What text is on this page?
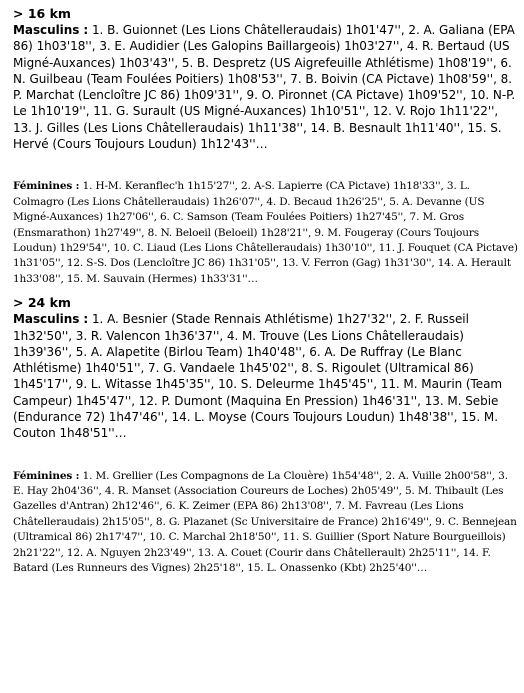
> 16 km

Masculins : 1. B. Guionnet (Les Lions Châtelleraudais) 1h01'47'', 2. A. Galiana (EPA 86) 1h03'18'', 3. E. Audidier (Les Galopins Baillargeois) 1h03'27'', 4. R. Bertaud (US Migné-Auxances) 1h03'43'', 5. B. Despretz (US Aigrefeuille Athlétisme) 1h08'19'', 6. N. Guilbeau (Team Foulées Poitiers) 1h08'53'', 7. B. Boivin (CA Pictave) 1h08'59'', 8. P. Marchat (Lencloître JC 86) 1h09'31'', 9. O. Pironnet (CA Pictave) 1h09'52'', 10. N-P. Le 1h10'19'', 11. G. Surault (US Migné-Auxances) 1h10'51'', 12. V. Rojo 1h11'22'', 13. J. Gilles (Les Lions Châtelleraudais) 1h11'38'', 14. B. Besnault 1h11'40'', 15. S. Hervé (Cours Toujours Loudun) 1h12'43''…

Féminines : 1. H-M. Keranflec'h 1h15'27'', 2. A-S. Lapierre (CA Pictave) 1h18'33'', 3. L. Colmagro (Les Lions Châtelleraudais) 1h26'07'', 4. D. Becaud 1h26'25'', 5. A. Devanne (US Migné-Auxances) 1h27'06'', 6. C. Samson (Team Foulées Poitiers) 1h27'45'', 7. M. Gros (Ensmarathon) 1h27'49'', 8. N. Beloeil (Beloeil) 1h28'21'', 9. M. Fougeray (Cours Toujours Loudun) 1h29'54'', 10. C. Liaud (Les Lions Châtelleraudais) 1h30'10'', 11. J. Fouquet (CA Pictave) 1h31'05'', 12. S-S. Dos (Lencloître JC 86) 1h31'05'', 13. V. Ferron (Gag) 1h31'30'', 14. A. Herault 1h33'08'', 15. M. Sauvain (Hermes) 1h33'31''…

> 24 km

Masculins : 1. A. Besnier (Stade Rennais Athlétisme) 1h27'32'', 2. F. Russeil 1h32'50'', 3. R. Valencon 1h36'37'', 4. M. Trouve (Les Lions Châtelleraudais) 1h39'36'', 5. A. Alapetite (Birlou Team) 1h40'48'', 6. A. De Ruffray (Le Blanc Athlétisme) 1h40'51'', 7. G. Vandaele 1h45'02'', 8. S. Rigoulet (Ultramical 86) 1h45'17'', 9. L. Witasse 1h45'35'', 10. S. Deleurme 1h45'45'', 11. M. Maurin (Team Campeur) 1h45'47'', 12. P. Dumont (Maquina En Pression) 1h46'31'', 13. M. Sebie (Endurance 72) 1h47'46'', 14. L. Moyse (Cours Toujours Loudun) 1h48'38'', 15. M. Couton 1h48'51''…

Féminines : 1. M. Grellier (Les Compagnons de La Clouère) 1h54'48'', 2. A. Vuille 2h00'58'', 3. E. Hay 2h04'36'', 4. R. Manset (Association Coureurs de Loches) 2h05'49'', 5. M. Thibault (Les Gazelles d'Antran) 2h12'46'', 6. K. Zeimer (EPA 86) 2h13'08'', 7. M. Favreau (Les Lions Châtelleraudais) 2h15'05'', 8. G. Plazanet (Sc Universitaire de France) 2h16'49'', 9. C. Bennejean (Ultramical 86) 2h17'47'', 10. C. Marchal 2h18'50'', 11. S. Guillier (Sport Nature Bourgueillois) 2h21'22'', 12. A. Nguyen 2h23'49'', 13. A. Couet (Courir dans Châtellerault) 2h25'11'', 14. F. Batard (Les Runneurs des Vignes) 2h25'18'', 15. L. Onassenko (Kbt) 2h25'40''…
